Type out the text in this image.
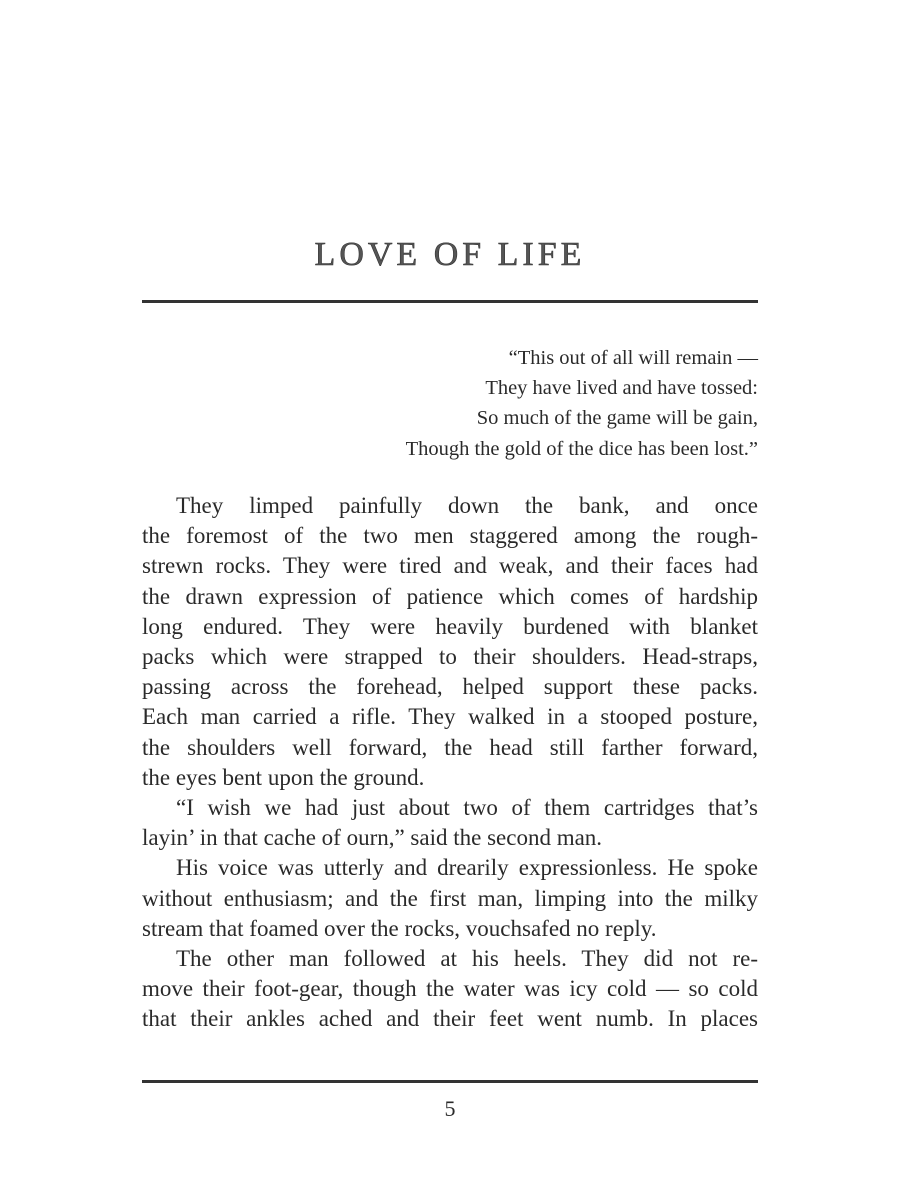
LOVE OF LIFE
“This out of all will remain —
They have lived and have tossed:
So much of the game will be gain,
Though the gold of the dice has been lost.”
They limped painfully down the bank, and once
the foremost of the two men staggered among the rough-
strewn rocks. They were tired and weak, and their faces had
the drawn expression of patience which comes of hardship
long endured. They were heavily burdened with blanket
packs which were strapped to their shoulders. Head-straps,
passing across the forehead, helped support these packs.
Each man carried a rifle. They walked in a stooped posture,
the shoulders well forward, the head still farther forward,
the eyes bent upon the ground.
“I wish we had just about two of them cartridges that’s
layin’ in that cache of ourn,” said the second man.
His voice was utterly and drearily expressionless. He spoke
without enthusiasm; and the first man, limping into the milky
stream that foamed over the rocks, vouchsafed no reply.
The other man followed at his heels. They did not re-
move their foot-gear, though the water was icy cold — so cold
that their ankles ached and their feet went numb. In places
5
